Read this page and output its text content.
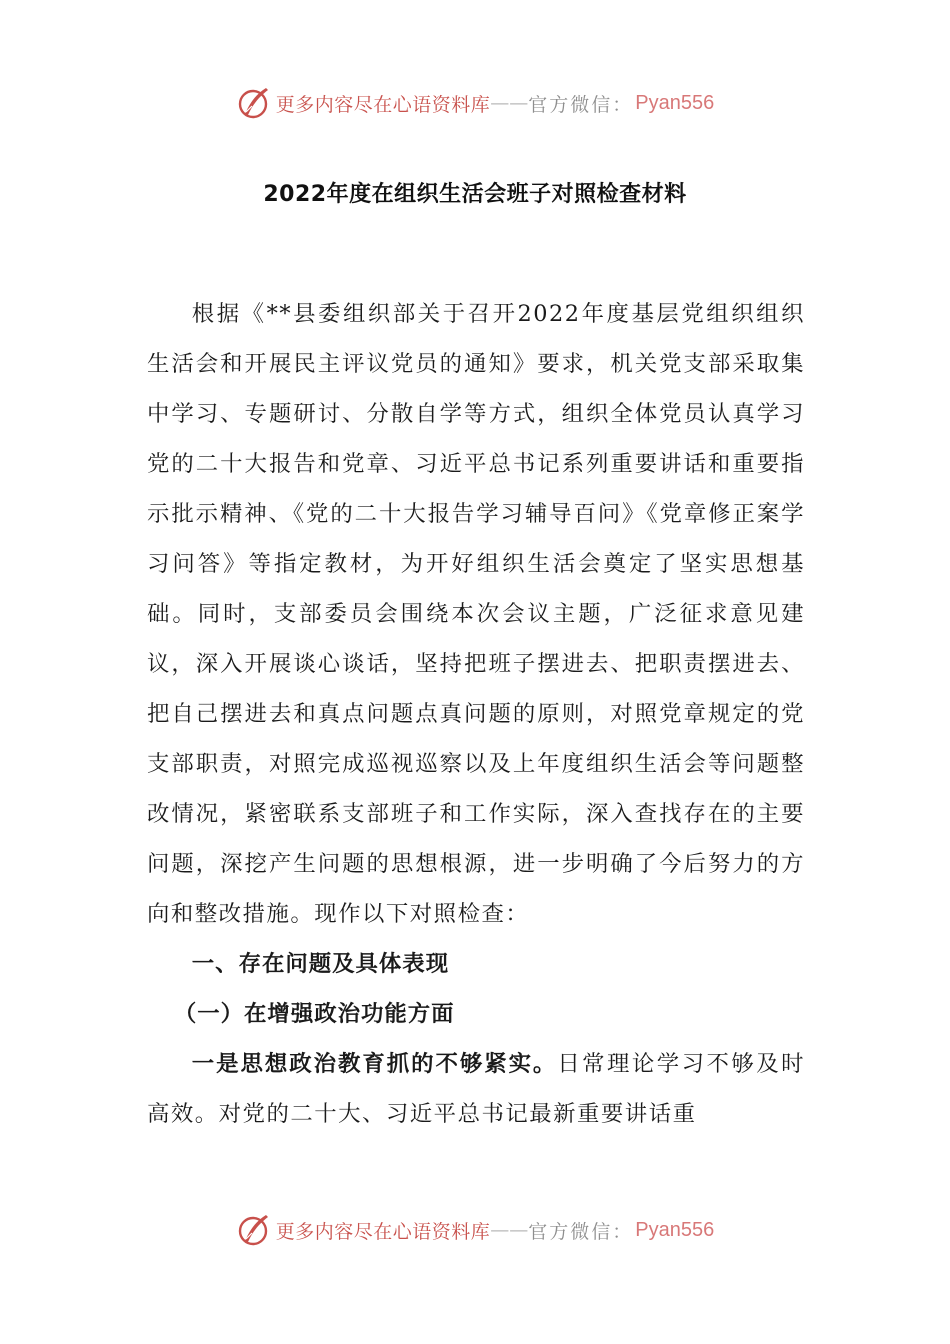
更多内容尽在心语资料库 —— 官方微信： Pyan556
2022年度在组织生活会班子对照检查材料

根据《**县委组织部关于召开2022年度基层党组织组织生活会和开展民主评议党员的通知》要求，机关党支部采取集中学习、专题研讨、分散自学等方式，组织全体党员认真学习党的二十大报告和党章、习近平总书记系列重要讲话和重要指示批示精神、《党的二十大报告学习辅导百问》《党章修正案学习问答》等指定教材，为开好组织生活会奠定了坚实思想基础。同时，支部委员会围绕本次会议主题，广泛征求意见建议，深入开展谈心谈话，坚持把班子摆进去、把职责摆进去、把自己摆进去和真点问题点真问题的原则，对照党章规定的党支部职责，对照完成巡视巡察以及上年度组织生活会等问题整改情况，紧密联系支部班子和工作实际，深入查找存在的主要问题，深挖产生问题的思想根源，进一步明确了今后努力的方向和整改措施。现作以下对照检查：

一、存在问题及具体表现

（一）在增强政治功能方面

一是思想政治教育抓的不够紧实。日常理论学习不够及时高效。对党的二十大、习近平总书记最新重要讲话重

更多内容尽在心语资料库 —— 官方微信： Pyan556
